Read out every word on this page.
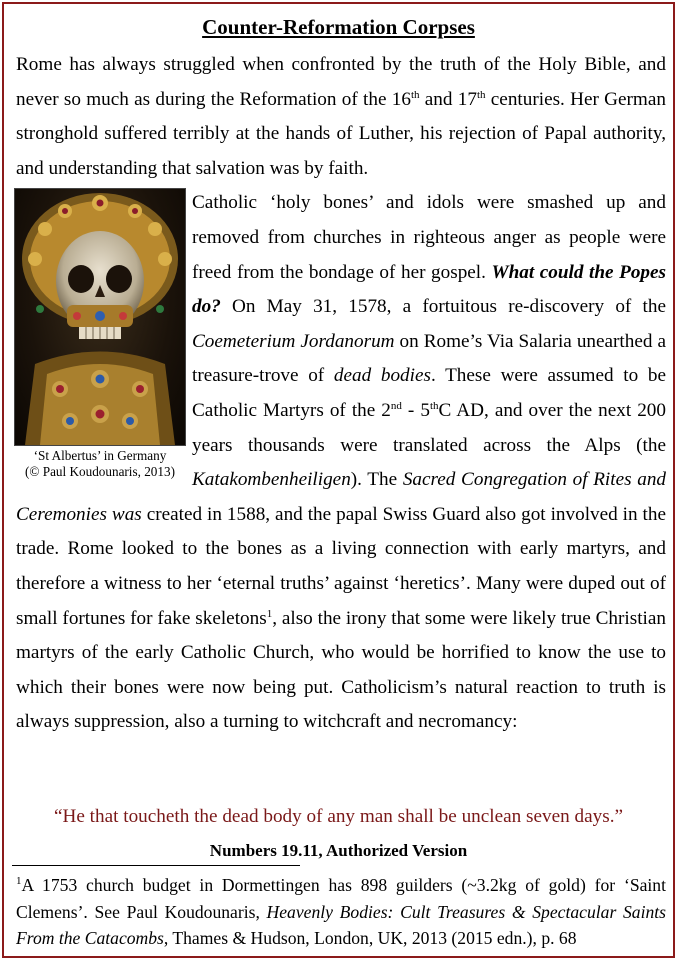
Counter-Reformation Corpses

Rome has always struggled when confronted by the truth of the Holy Bible, and never so much as during the Reformation of the 16th and 17th centuries. Her German stronghold suffered terribly at the hands of Luther, his rejection of Papal authority, and understanding that salvation was by faith.

‘St Albertus’ in Germany
(© Paul Koudounaris, 2013)

Catholic ‘holy bones’ and idols were smashed up and removed from churches in righteous anger as people were freed from the bondage of her gospel. What could the Popes do? On May 31, 1578, a fortuitous re-discovery of the Coemeterium Jordanorum on Rome’s Via Salaria unearthed a treasure-trove of dead bodies. These were assumed to be Catholic Martyrs of the 2nd - 5thC AD, and over the next 200 years thousands were translated across the Alps (the Katakombenheiligen). The Sacred Congregation of Rites and Ceremonies was created in 1588, and the papal Swiss Guard also got involved in the trade. Rome looked to the bones as a living connection with early martyrs, and therefore a witness to her ‘eternal truths’ against ‘heretics’. Many were duped out of small fortunes for fake skeletons$^1$, also the irony that some were likely true Christian martyrs of the early Catholic Church, who would be horrified to know the use to which their bones were now being put. Catholicism’s natural reaction to truth is always suppression, also a turning to witchcraft and necromancy:

“He that toucheth the dead body of any man shall be unclean seven days.”
Numbers 19.11, Authorized Version
$^1$A 1753 church budget in Dormettingen has 898 guilders (~3.2kg of gold) for ‘Saint Clemens’. See Paul Koudounaris, Heavenly Bodies: Cult Treasures & Spectacular Saints From the Catacombs, Thames & Hudson, London, UK, 2013 (2015 edn.), p. 68
